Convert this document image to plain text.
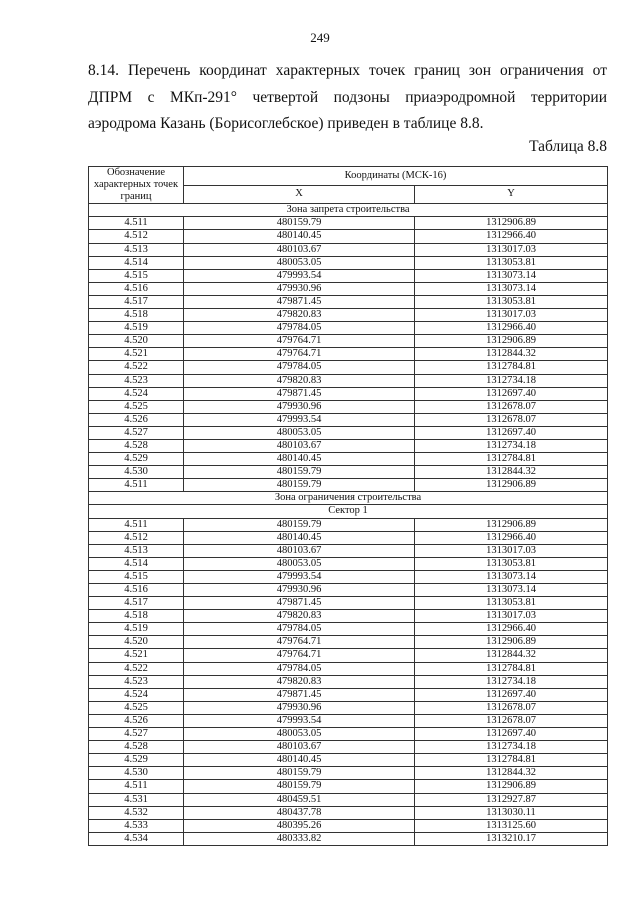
249

8.14. Перечень координат характерных точек границ зон ограничения от ДПРМ с МКп-291° четвертой подзоны приаэродромной территории аэродрома Казань (Борисоглебское) приведен в таблице 8.8.

Таблица 8.8
Обозначение характерных точек границ	Координаты (МСК-16)	
	X	Y
Зона запрета строительства		
4.511	480159.79	1312906.89
4.512	480140.45	1312966.40
4.513	480103.67	1313017.03
4.514	480053.05	1313053.81
4.515	479993.54	1313073.14
4.516	479930.96	1313073.14
4.517	479871.45	1313053.81
4.518	479820.83	1313017.03
4.519	479784.05	1312966.40
4.520	479764.71	1312906.89
4.521	479764.71	1312844.32
4.522	479784.05	1312784.81
4.523	479820.83	1312734.18
4.524	479871.45	1312697.40
4.525	479930.96	1312678.07
4.526	479993.54	1312678.07
4.527	480053.05	1312697.40
4.528	480103.67	1312734.18
4.529	480140.45	1312784.81
4.530	480159.79	1312844.32
4.511	480159.79	1312906.89
Зона ограничения строительства		
Сектор 1		
4.511	480159.79	1312906.89
4.512	480140.45	1312966.40
4.513	480103.67	1313017.03
4.514	480053.05	1313053.81
4.515	479993.54	1313073.14
4.516	479930.96	1313073.14
4.517	479871.45	1313053.81
4.518	479820.83	1313017.03
4.519	479784.05	1312966.40
4.520	479764.71	1312906.89
4.521	479764.71	1312844.32
4.522	479784.05	1312784.81
4.523	479820.83	1312734.18
4.524	479871.45	1312697.40
4.525	479930.96	1312678.07
4.526	479993.54	1312678.07
4.527	480053.05	1312697.40
4.528	480103.67	1312734.18
4.529	480140.45	1312784.81
4.530	480159.79	1312844.32
4.511	480159.79	1312906.89
4.531	480459.51	1312927.87
4.532	480437.78	1313030.11
4.533	480395.26	1313125.60
4.534	480333.82	1313210.17
